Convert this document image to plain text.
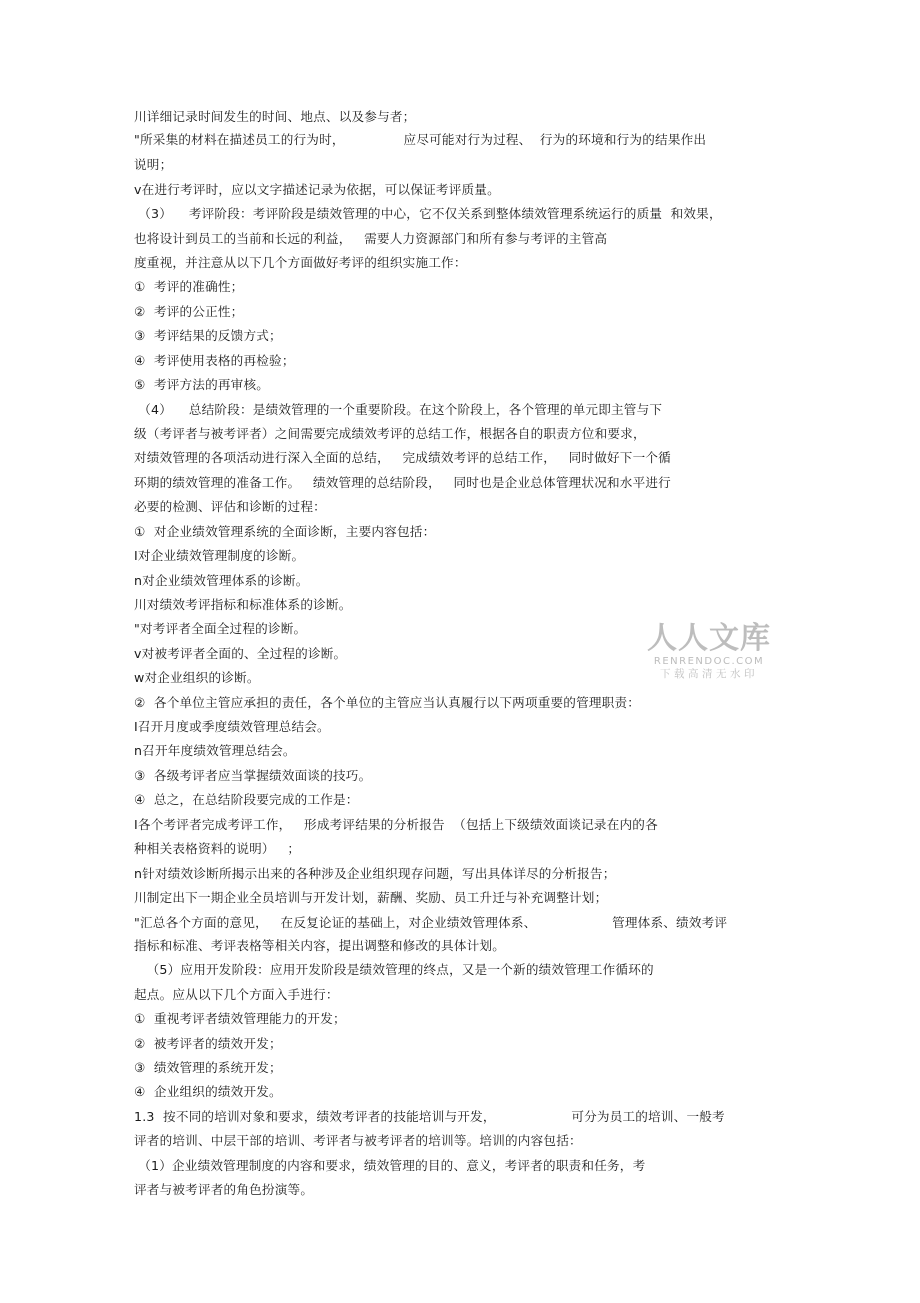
川详细记录时间发生的时间、地点、以及参与者；
"所采集的材料在描述员工的行为时，              应尽可能对行为过程、  行为的环境和行为的结果作出
说明；
v在进行考评时，应以文字描述记录为依据，可以保证考评质量。
（3）    考评阶段：考评阶段是绩效管理的中心，它不仅关系到整体绩效管理系统运行的质量  和效果，
也将设计到员工的当前和长远的利益，   需要人力资源部门和所有参与考评的主管高
度重视，并注意从以下几个方面做好考评的组织实施工作：
①  考评的准确性；
②  考评的公正性；
③  考评结果的反馈方式；
④  考评使用表格的再检验；
⑤  考评方法的再审核。
（4）    总结阶段：是绩效管理的一个重要阶段。在这个阶段上，各个管理的单元即主管与下
级（考评者与被考评者）之间需要完成绩效考评的总结工作，根据各自的职责方位和要求，
对绩效管理的各项活动进行深入全面的总结，   完成绩效考评的总结工作，   同时做好下一个循
环期的绩效管理的准备工作。   绩效管理的总结阶段，   同时也是企业总体管理状况和水平进行
必要的检测、评估和诊断的过程：
①  对企业绩效管理系统的全面诊断，主要内容包括：
I对企业绩效管理制度的诊断。
n对企业绩效管理体系的诊断。
川对绩效考评指标和标准体系的诊断。
"对考评者全面全过程的诊断。
v对被考评者全面的、全过程的诊断。
w对企业组织的诊断。
②  各个单位主管应承担的责任，各个单位的主管应当认真履行以下两项重要的管理职责：
I召开月度或季度绩效管理总结会。
n召开年度绩效管理总结会。
③  各级考评者应当掌握绩效面谈的技巧。
④  总之，在总结阶段要完成的工作是：
I各个考评者完成考评工作，   形成考评结果的分析报告  （包括上下级绩效面谈记录在内的各
种相关表格资料的说明）   ；
n针对绩效诊断所揭示出来的各种涉及企业组织现存问题，写出具体详尽的分析报告；
川制定出下一期企业全员培训与开发计划，薪酬、奖励、员工升迁与补充调整计划；
"汇总各个方面的意见，   在反复论证的基础上，对企业绩效管理体系、                  管理体系、绩效考评
指标和标准、考评表格等相关内容，提出调整和修改的具体计划。
（5）应用开发阶段：应用开发阶段是绩效管理的终点，又是一个新的绩效管理工作循环的
起点。应从以下几个方面入手进行：
①  重视考评者绩效管理能力的开发；
②  被考评者的绩效开发；
③  绩效管理的系统开发；
④  企业组织的绩效开发。
1.3  按不同的培训对象和要求，绩效考评者的技能培训与开发，                  可分为员工的培训、一般考
评者的培训、中层干部的培训、考评者与被考评者的培训等。培训的内容包括：
（1）企业绩效管理制度的内容和要求，绩效管理的目的、意义，考评者的职责和任务，考
评者与被考评者的角色扮演等。
人人文库
RENRENDOC.COM
下载高清无水印
